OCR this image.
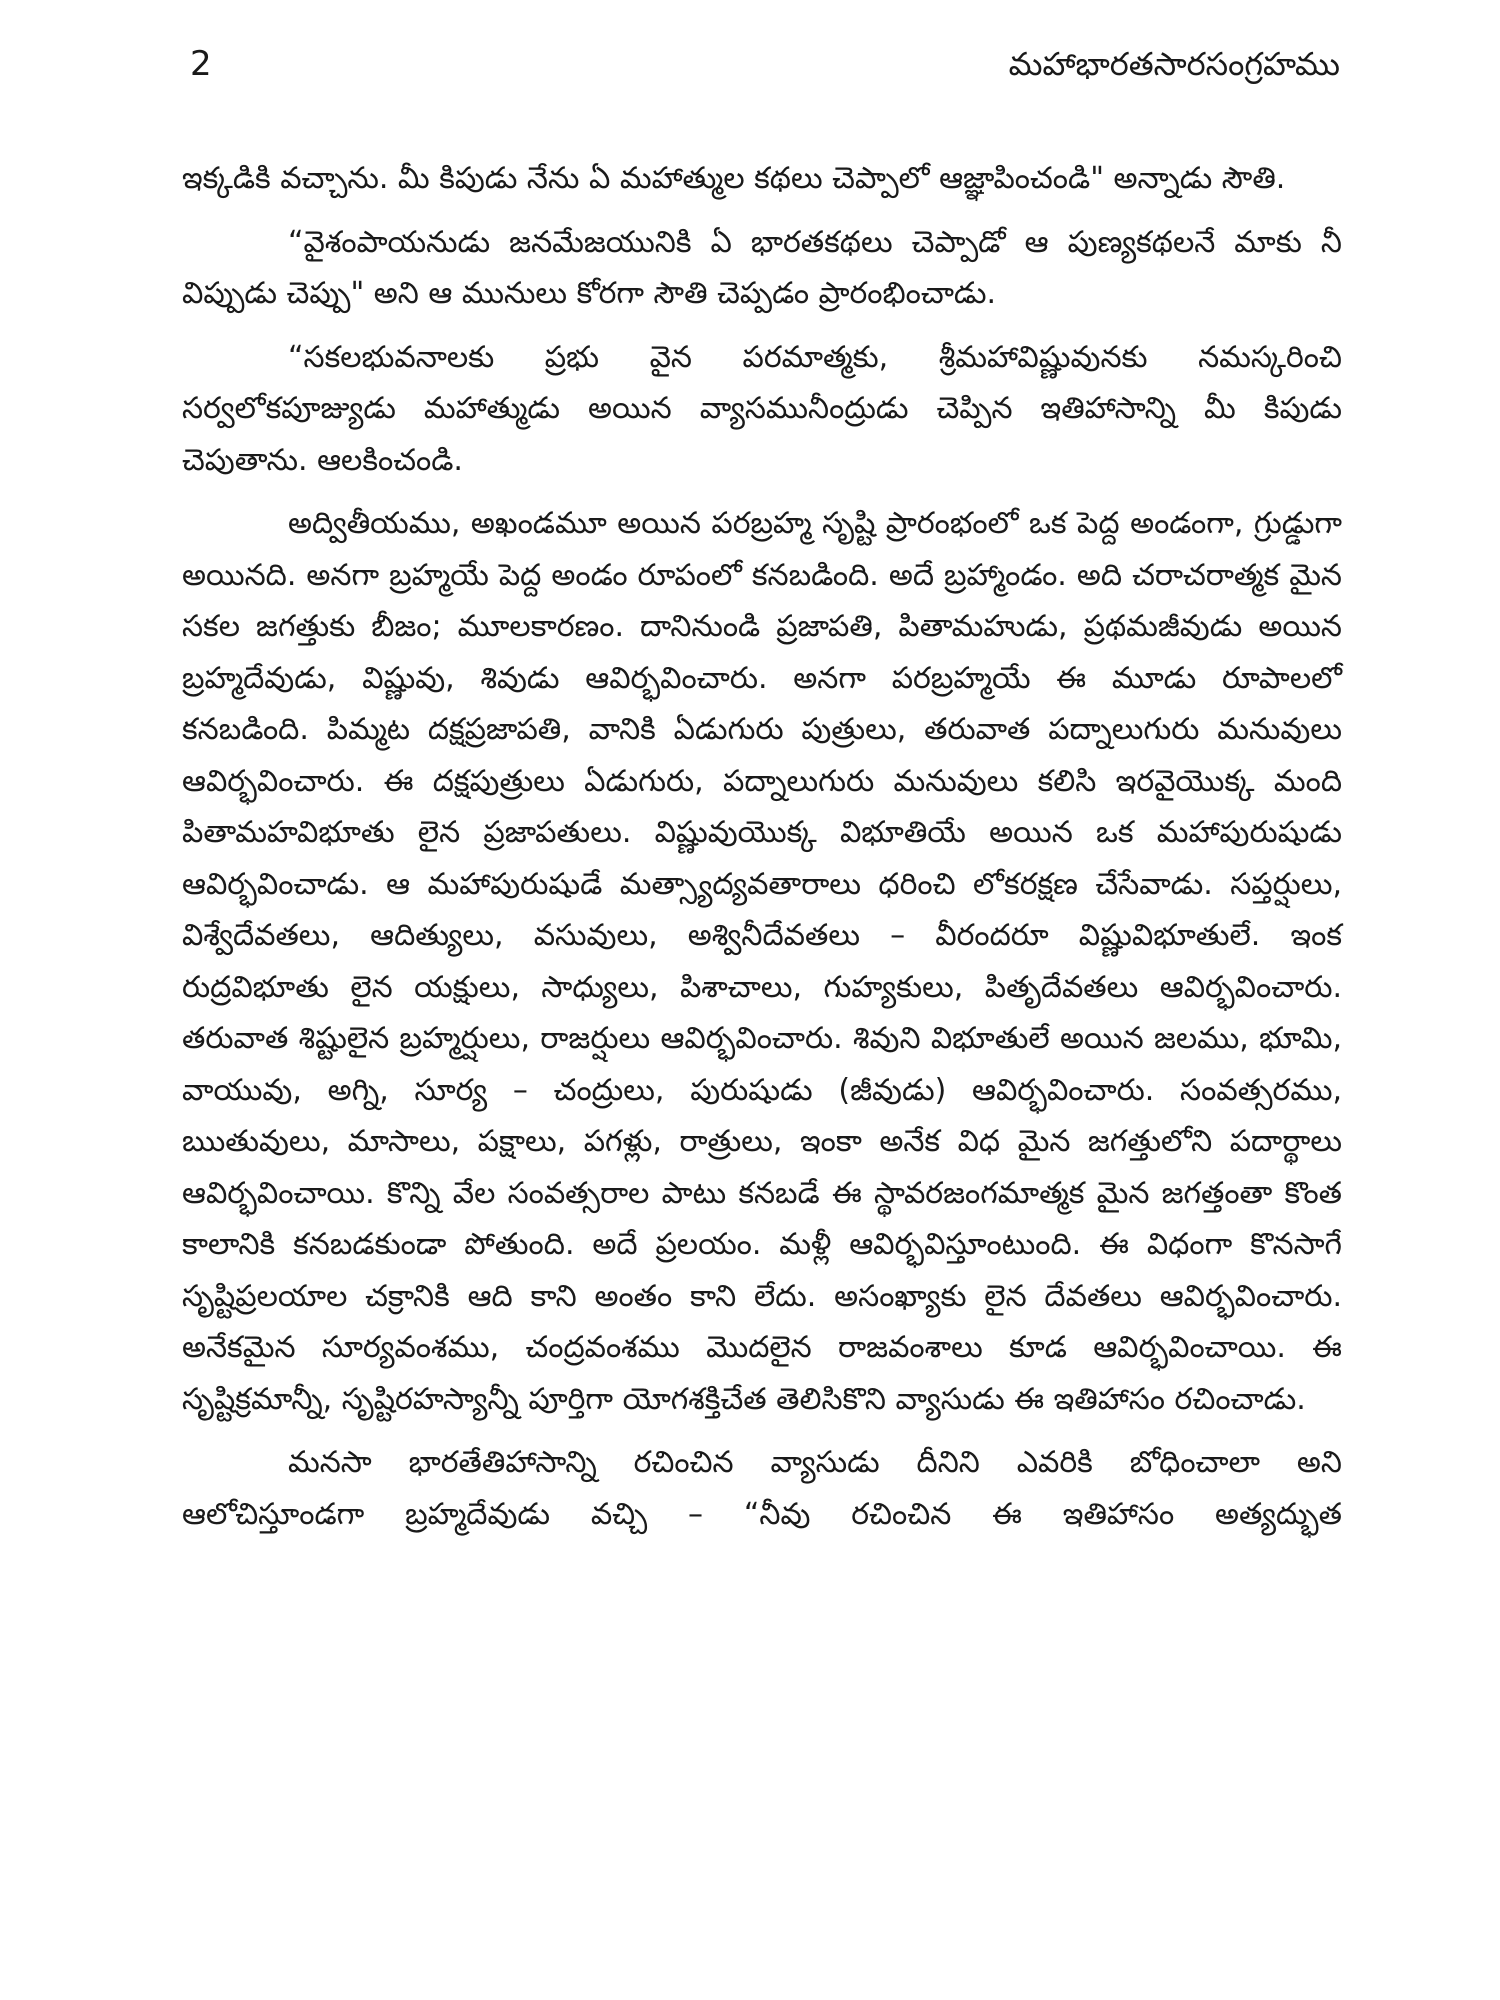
2	మహాభారతసారసంగ్రహము

ఇక్కడికి వచ్చాను. మీ కిపుడు నేను ఏ మహాత్ముల కథలు చెప్పాలో ఆజ్ఞాపించండి" అన్నాడు సౌతి.

“వైశంపాయనుడు జనమేజయునికి ఏ భారతకథలు చెప్పాడో ఆ పుణ్యకథలనే మాకు నీ విప్పుడు చెప్పు" అని ఆ మునులు కోరగా సౌతి చెప్పడం ప్రారంభించాడు.

“సకలభువనాలకు ప్రభు వైన పరమాత్మకు, శ్రీమహావిష్ణువునకు నమస్కరించి సర్వలోకపూజ్యుడు మహాత్ముడు అయిన వ్యాసమునీంద్రుడు చెప్పిన ఇతిహాసాన్ని మీ కిపుడు చెపుతాను. ఆలకించండి.

అద్వితీయము, అఖండమూ అయిన పరబ్రహ్మ సృష్టి ప్రారంభంలో ఒక పెద్ద అండంగా, గ్రుడ్డుగా అయినది. అనగా బ్రహ్మయే పెద్ద అండం రూపంలో కనబడింది. అదే బ్రహ్మాండం. అది చరాచరాత్మక మైన సకల జగత్తుకు బీజం; మూలకారణం. దానినుండి ప్రజాపతి, పితామహుడు, ప్రథమజీవుడు అయిన బ్రహ్మదేవుడు, విష్ణువు, శివుడు ఆవిర్భవించారు. అనగా పరబ్రహ్మయే ఈ మూడు రూపాలలో కనబడింది. పిమ్మట దక్షప్రజాపతి, వానికి ఏడుగురు పుత్రులు, తరువాత పద్నాలుగురు మనువులు ఆవిర్భవించారు. ఈ దక్షపుత్రులు ఏడుగురు, పద్నాలుగురు మనువులు కలిసి ఇరవైయొక్క మంది పితామహవిభూతు లైన ప్రజాపతులు. విష్ణువుయొక్క విభూతియే అయిన ఒక మహాపురుషుడు ఆవిర్భవించాడు. ఆ మహాపురుషుడే మత్స్యాద్యవతారాలు ధరించి లోకరక్షణ చేసేవాడు. సప్తర్షులు, విశ్వేదేవతలు, ఆదిత్యులు, వసువులు, అశ్వినీదేవతలు – వీరందరూ విష్ణువిభూతులే. ఇంక రుద్రవిభూతు లైన యక్షులు, సాధ్యులు, పిశాచాలు, గుహ్యకులు, పితృదేవతలు ఆవిర్భవించారు. తరువాత శిష్టులైన బ్రహ్మర్షులు, రాజర్షులు ఆవిర్భవించారు. శివుని విభూతులే అయిన జలము, భూమి, వాయువు, అగ్ని, సూర్య – చంద్రులు, పురుషుడు (జీవుడు) ఆవిర్భవించారు. సంవత్సరము, ఋతువులు, మాసాలు, పక్షాలు, పగళ్లు, రాత్రులు, ఇంకా అనేక విధ మైన జగత్తులోని పదార్థాలు ఆవిర్భవించాయి. కొన్ని వేల సంవత్సరాల పాటు కనబడే ఈ స్థావరజంగమాత్మక మైన జగత్తంతా కొంత కాలానికి కనబడకుండా పోతుంది. అదే ప్రలయం. మళ్లీ ఆవిర్భవిస్తూంటుంది. ఈ విధంగా కొనసాగే సృష్టిప్రలయాల చక్రానికి ఆది కాని అంతం కాని లేదు. అసంఖ్యాకు లైన దేవతలు ఆవిర్భవించారు. అనేకమైన సూర్యవంశము, చంద్రవంశము మొదలైన రాజవంశాలు కూడ ఆవిర్భవించాయి. ఈ సృష్టిక్రమాన్నీ, సృష్టిరహస్యాన్నీ పూర్తిగా యోగశక్తిచేత తెలిసికొని వ్యాసుడు ఈ ఇతిహాసం రచించాడు.

మనసా భారతేతిహాసాన్ని రచించిన వ్యాసుడు దీనిని ఎవరికి బోధించాలా అని ఆలోచిస్తూండగా బ్రహ్మదేవుడు వచ్చి – “నీవు రచించిన ఈ ఇతిహాసం అత్యద్భుత
